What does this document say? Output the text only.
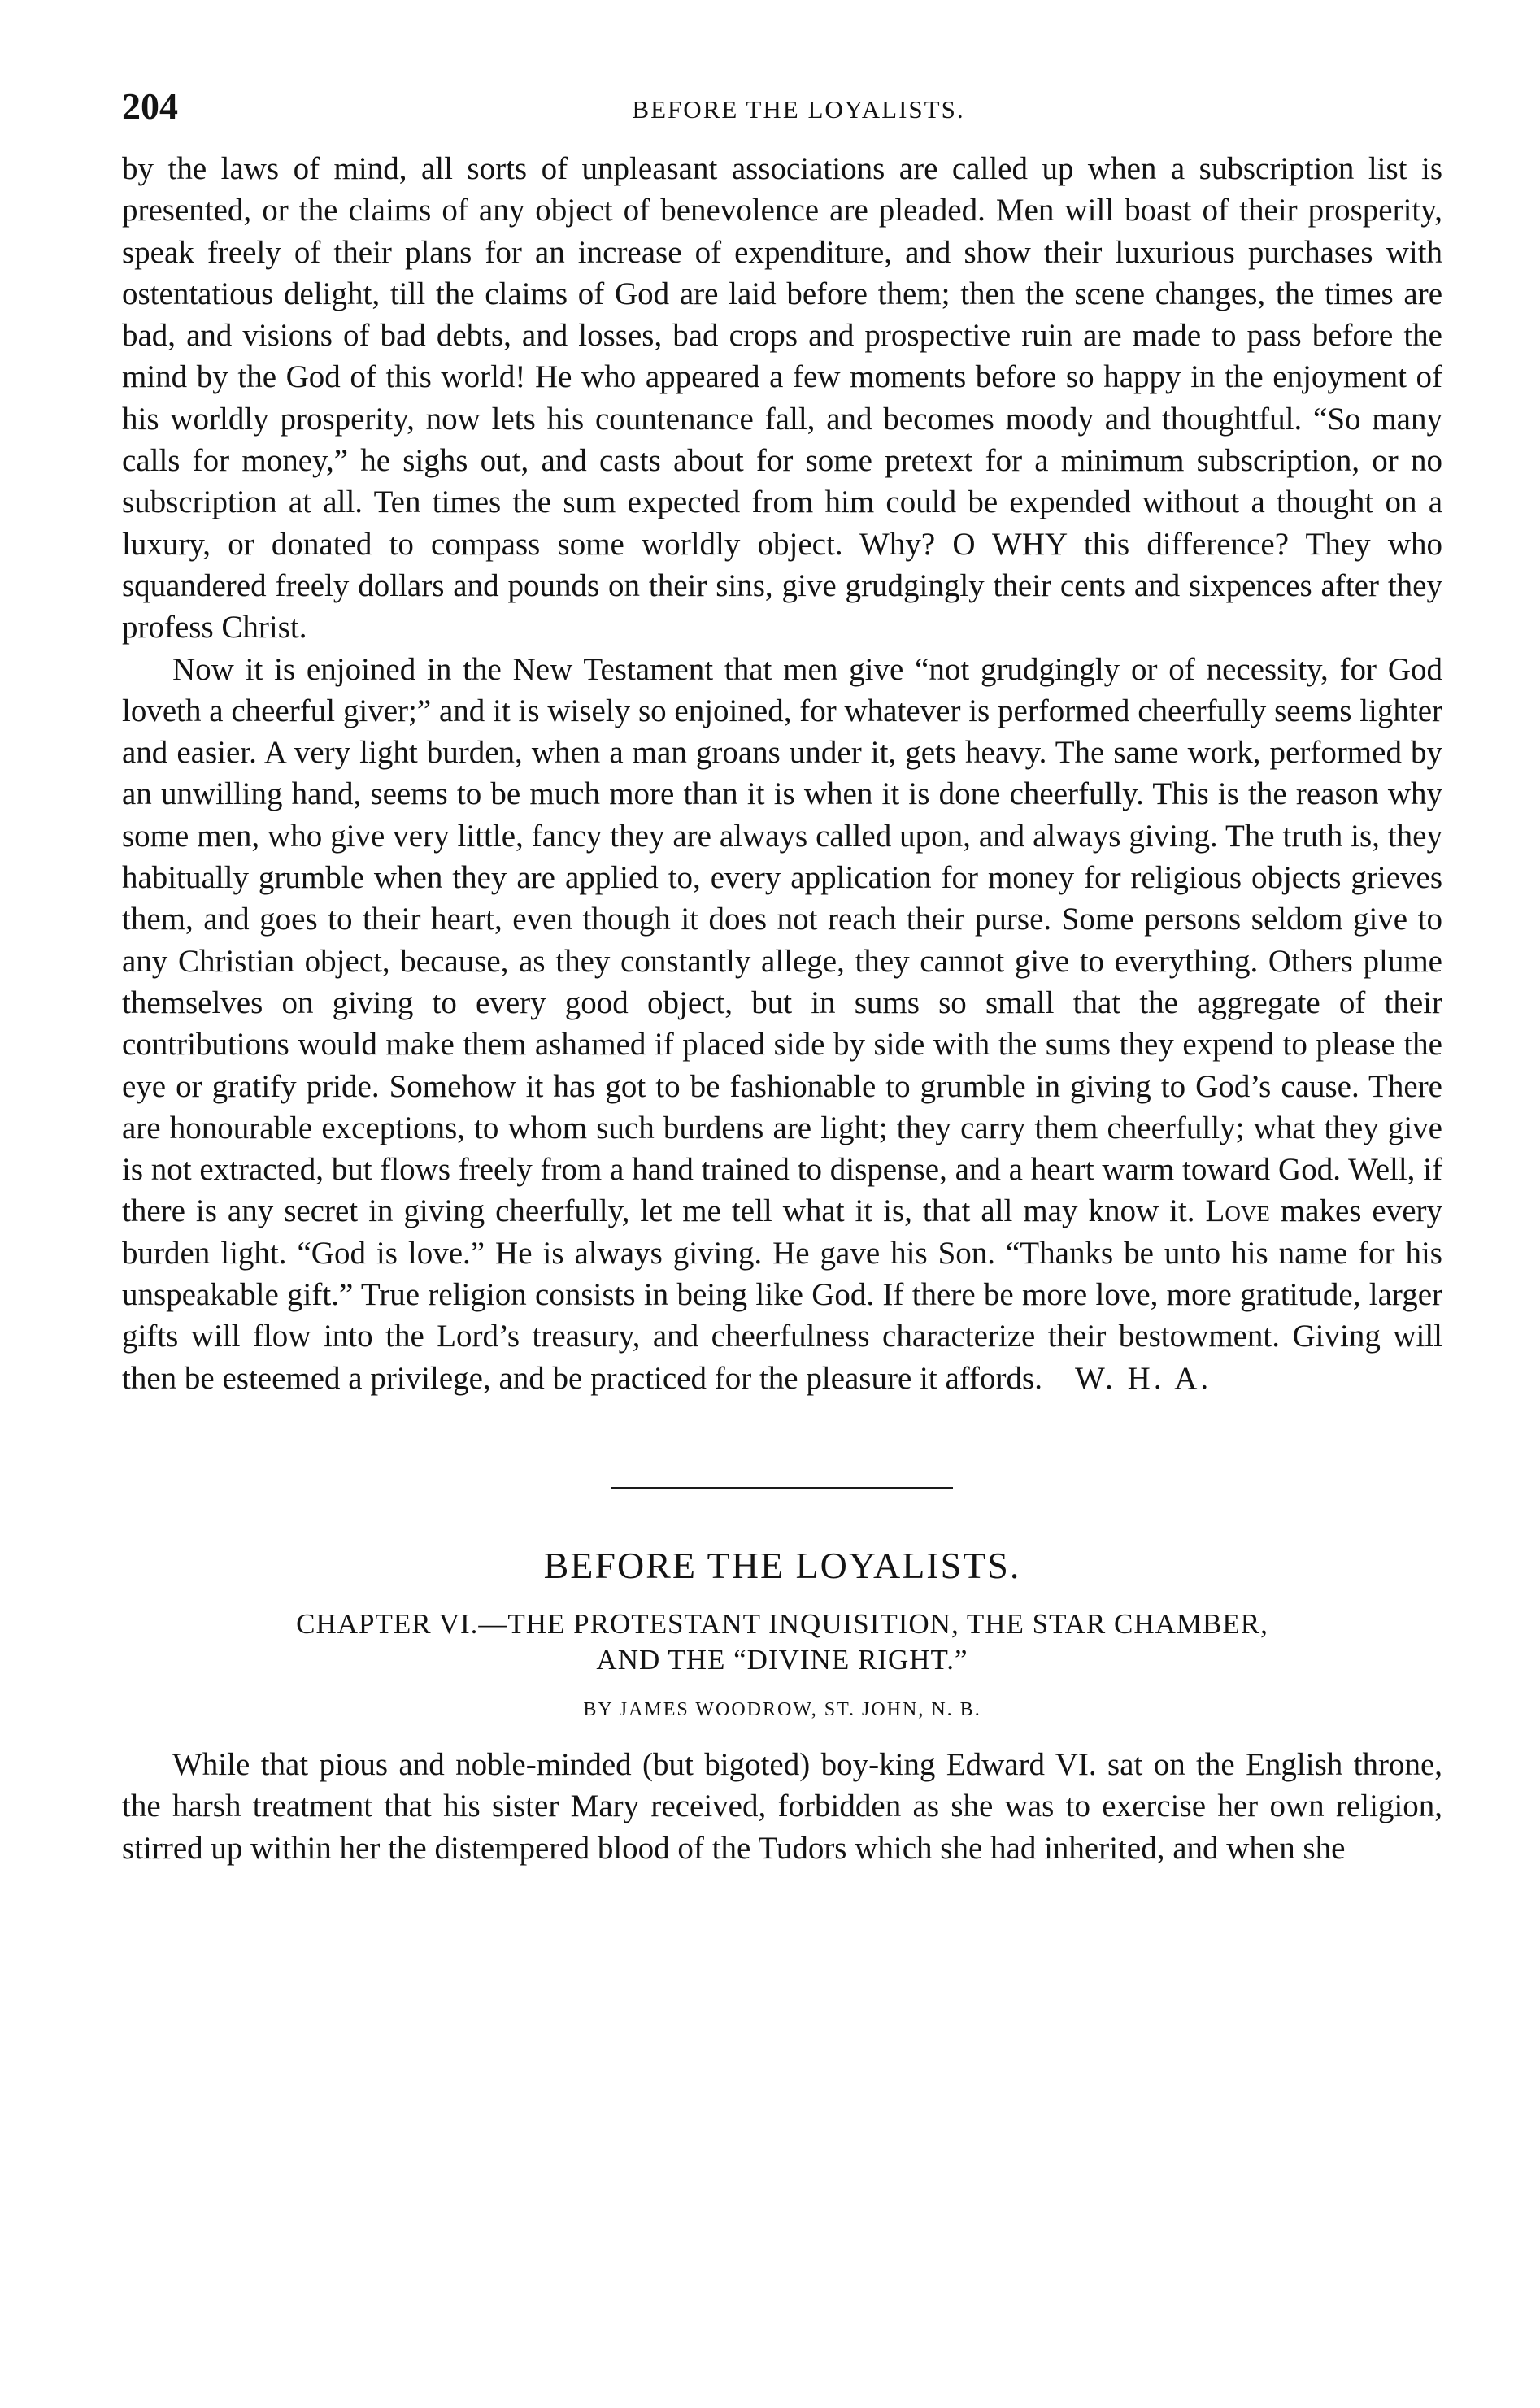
204	BEFORE THE LOYALISTS.

by the laws of mind, all sorts of unpleasant associations are called up when a subscription list is presented, or the claims of any object of benevolence are pleaded. Men will boast of their prosperity, speak freely of their plans for an increase of expenditure, and show their luxurious purchases with ostentatious delight, till the claims of God are laid before them; then the scene changes, the times are bad, and visions of bad debts, and losses, bad crops and prospective ruin are made to pass before the mind by the God of this world! He who appeared a few moments before so happy in the enjoyment of his worldly prosperity, now lets his countenance fall, and becomes moody and thoughtful. “So many calls for money,” he sighs out, and casts about for some pretext for a minimum subscription, or no subscription at all. Ten times the sum expected from him could be expended without a thought on a luxury, or donated to compass some worldly object. Why? O WHY this difference? They who squandered freely dollars and pounds on their sins, give grudgingly their cents and sixpences after they profess Christ.

Now it is enjoined in the New Testament that men give “not grudgingly or of necessity, for God loveth a cheerful giver;” and it is wisely so enjoined, for whatever is performed cheerfully seems lighter and easier. A very light burden, when a man groans under it, gets heavy. The same work, performed by an unwilling hand, seems to be much more than it is when it is done cheerfully. This is the reason why some men, who give very little, fancy they are always called upon, and always giving. The truth is, they habitually grumble when they are applied to, every application for money for religious objects grieves them, and goes to their heart, even though it does not reach their purse. Some persons seldom give to any Christian object, because, as they constantly allege, they cannot give to everything. Others plume themselves on giving to every good object, but in sums so small that the aggregate of their contributions would make them ashamed if placed side by side with the sums they expend to please the eye or gratify pride. Somehow it has got to be fashionable to grumble in giving to God’s cause. There are honourable exceptions, to whom such burdens are light; they carry them cheerfully; what they give is not extracted, but flows freely from a hand trained to dispense, and a heart warm toward God. Well, if there is any secret in giving cheerfully, let me tell what it is, that all may know it. Love makes every burden light. “God is love.” He is always giving. He gave his Son. “Thanks be unto his name for his unspeakable gift.” True religion consists in being like God. If there be more love, more gratitude, larger gifts will flow into the Lord’s treasury, and cheerfulness characterize their bestowment. Giving will then be esteemed a privilege, and be practiced for the pleasure it affords. W. H. A.

BEFORE THE LOYALISTS.
CHAPTER VI.—THE PROTESTANT INQUISITION, THE STAR CHAMBER,
AND THE “DIVINE RIGHT.”
BY JAMES WOODROW, ST. JOHN, N. B.

While that pious and noble-minded (but bigoted) boy-king Edward VI. sat on the English throne, the harsh treatment that his sister Mary received, forbidden as she was to exercise her own religion, stirred up within her the distempered blood of the Tudors which she had inherited, and when she
